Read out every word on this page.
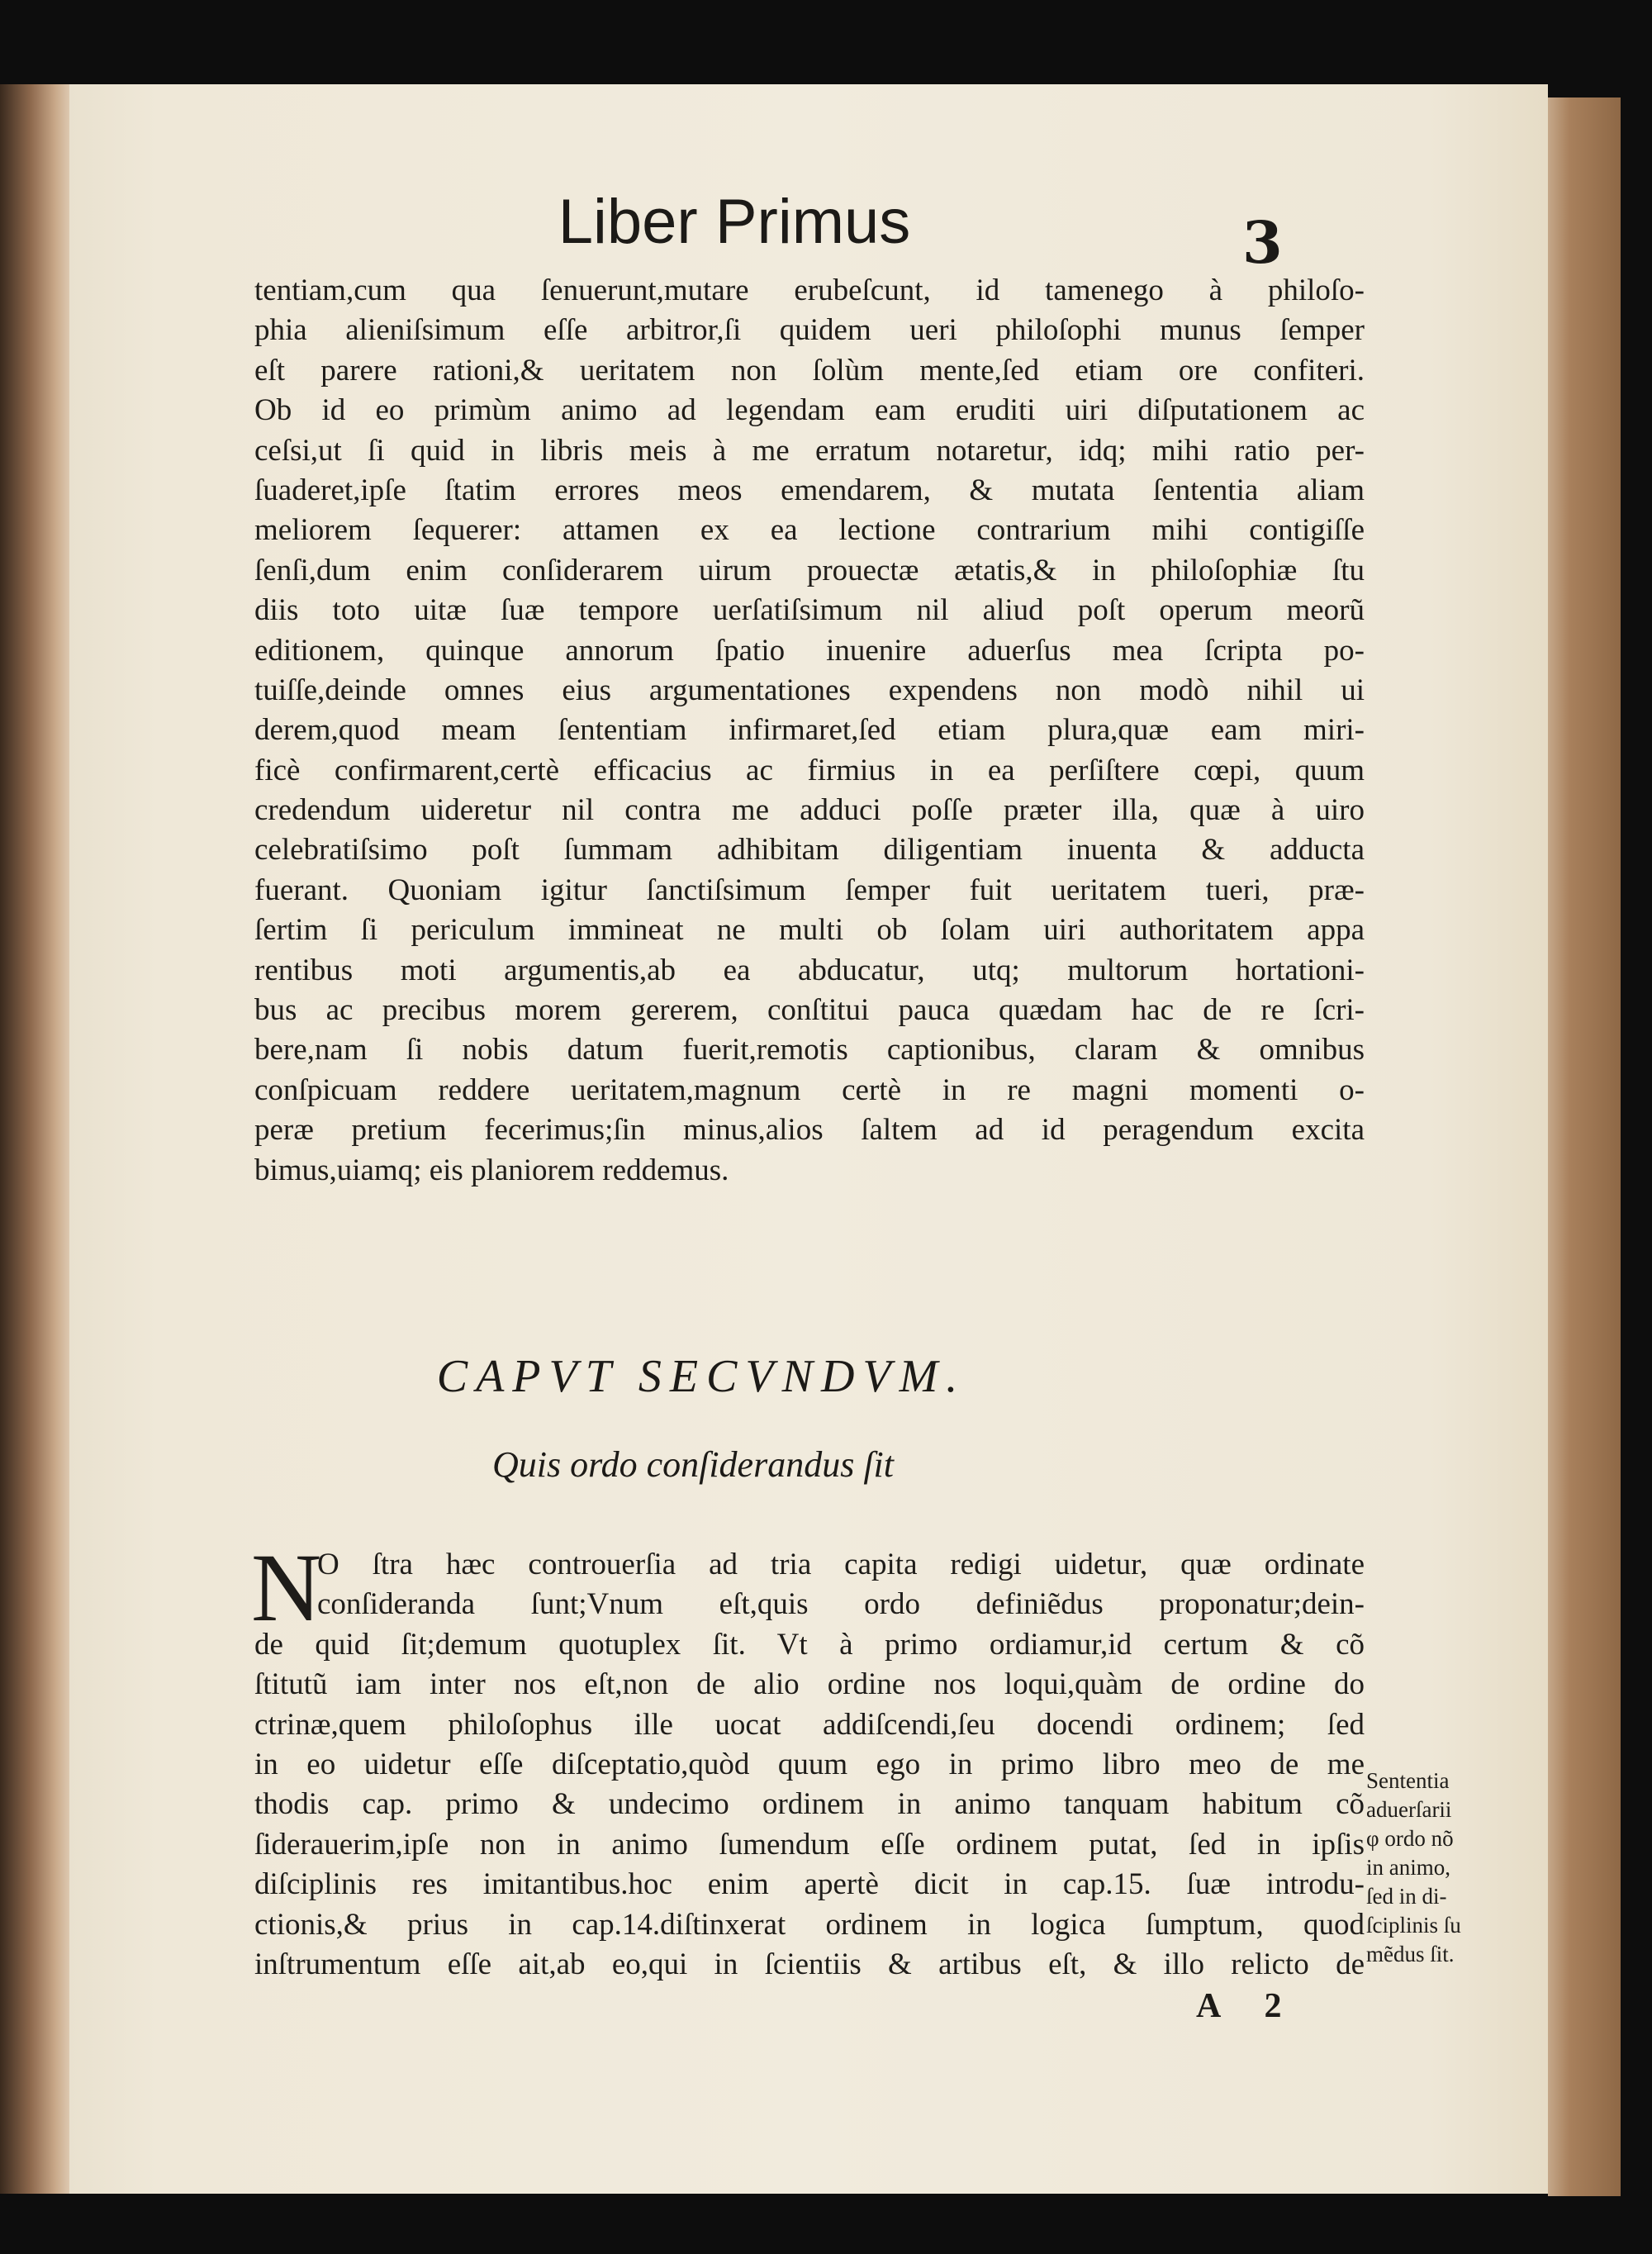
Liber Primus	3
tentiam,cum qua ſenuerunt,mutare erubeſcunt, id tamenego à philoſo-
phia alieniſsimum eſſe arbitror,ſi quidem ueri philoſophi munus ſemper
eſt parere rationi,& ueritatem non ſolùm mente,ſed etiam ore confiteri.
Ob id eo primùm animo ad legendam eam eruditi uiri diſputationem ac
ceſsi,ut ſi quid in libris meis à me erratum notaretur, idq; mihi ratio per-
ſuaderet,ipſe ſtatim errores meos emendarem, & mutata ſententia aliam
meliorem ſequerer: attamen ex ea lectione contrarium mihi contigiſſe
ſenſi,dum enim conſiderarem uirum prouectæ ætatis,& in philoſophiæ ſtu
diis toto uitæ ſuæ tempore uerſatiſsimum nil aliud poſt operum meorũ
editionem, quinque annorum ſpatio inuenire aduerſus mea ſcripta po-
tuiſſe,deinde omnes eius argumentationes expendens non modò nihil ui
derem,quod meam ſententiam infirmaret,ſed etiam plura,quæ eam miri-
ficè confirmarent,certè efficacius ac firmius in ea perſiſtere cœpi, quum
credendum uideretur nil contra me adduci poſſe præter illa, quæ à uiro
celebratiſsimo poſt ſummam adhibitam diligentiam inuenta & adducta
fuerant. Quoniam igitur ſanctiſsimum ſemper fuit ueritatem tueri, præ-
ſertim ſi periculum immineat ne multi ob ſolam uiri authoritatem appa
rentibus moti argumentis,ab ea abducatur, utq; multorum hortationi-
bus ac precibus morem gererem, conſtitui pauca quædam hac de re ſcri-
bere,nam ſi nobis datum fuerit,remotis captionibus, claram & omnibus
conſpicuam reddere ueritatem,magnum certè in re magni momenti o-
peræ pretium fecerimus;ſin minus,alios ſaltem ad id peragendum excita
bimus,uiamq; eis planiorem reddemus.
CAPVT SECVNDVM.
Quis ordo conſiderandus ſit
N
O ſtra hæc controuerſia ad tria capita redigi uidetur, quæ ordinate
conſideranda ſunt;Vnum eſt,quis ordo definiẽdus proponatur;dein-
de quid ſit;demum quotuplex ſit. Vt à primo ordiamur,id certum & cõ
ſtitutũ iam inter nos eſt,non de alio ordine nos loqui,quàm de ordine do
ctrinæ,quem philoſophus ille uocat addiſcendi,ſeu docendi ordinem; ſed
in eo uidetur eſſe diſceptatio,quòd quum ego in primo libro meo de me
thodis cap. primo & undecimo ordinem in animo tanquam habitum cõ
ſiderauerim,ipſe non in animo ſumendum eſſe ordinem putat, ſed in ipſis
diſciplinis res imitantibus.hoc enim apertè dicit in cap.15. ſuæ introdu-
ctionis,& prius in cap.14.diſtinxerat ordinem in logica ſumptum, quod
inſtrumentum eſſe ait,ab eo,qui in ſcientiis & artibus eſt, & illo relicto de
Sententia
aduerſarii
φ ordo nõ
in animo,
ſed in di-
ſciplinis ſu
mẽdus ſit.
A 2
